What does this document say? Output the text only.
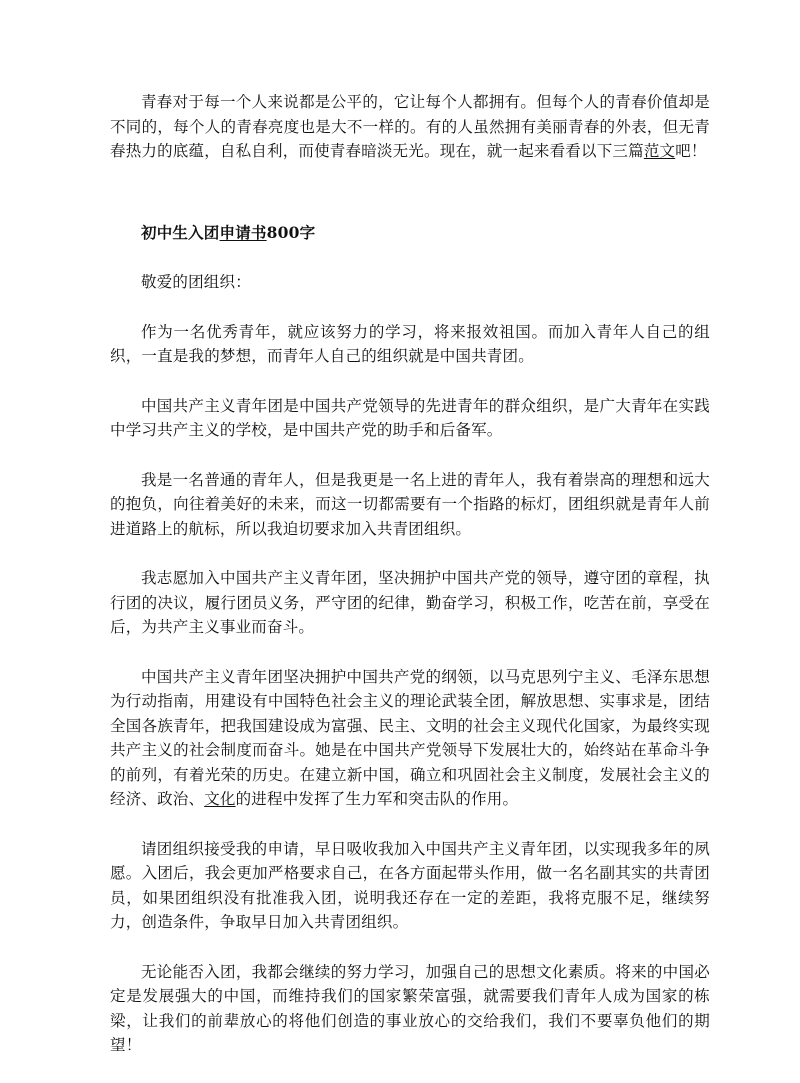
青春对于每一个人来说都是公平的，它让每个人都拥有。但每个人的青春价值却是不同的，每个人的青春亮度也是大不一样的。有的人虽然拥有美丽青春的外表，但无青春热力的底蕴，自私自利，而使青春暗淡无光。现在，就一起来看看以下三篇范文吧！

初中生入团申请书800字

敬爱的团组织：

作为一名优秀青年，就应该努力的学习，将来报效祖国。而加入青年人自己的组织，一直是我的梦想，而青年人自己的组织就是中国共青团。

中国共产主义青年团是中国共产党领导的先进青年的群众组织，是广大青年在实践中学习共产主义的学校，是中国共产党的助手和后备军。

我是一名普通的青年人，但是我更是一名上进的青年人，我有着崇高的理想和远大的抱负，向往着美好的未来，而这一切都需要有一个指路的标灯，团组织就是青年人前进道路上的航标，所以我迫切要求加入共青团组织。

我志愿加入中国共产主义青年团，坚决拥护中国共产党的领导，遵守团的章程，执行团的决议，履行团员义务，严守团的纪律，勤奋学习，积极工作，吃苦在前，享受在后，为共产主义事业而奋斗。

中国共产主义青年团坚决拥护中国共产党的纲领，以马克思列宁主义、毛泽东思想为行动指南，用建设有中国特色社会主义的理论武装全团，解放思想、实事求是，团结全国各族青年，把我国建设成为富强、民主、文明的社会主义现代化国家，为最终实现共产主义的社会制度而奋斗。她是在中国共产党领导下发展壮大的，始终站在革命斗争的前列，有着光荣的历史。在建立新中国，确立和巩固社会主义制度，发展社会主义的经济、政治、文化的进程中发挥了生力军和突击队的作用。

请团组织接受我的申请，早日吸收我加入中国共产主义青年团，以实现我多年的夙愿。入团后，我会更加严格要求自己，在各方面起带头作用，做一名名副其实的共青团员，如果团组织没有批准我入团，说明我还存在一定的差距，我将克服不足，继续努力，创造条件，争取早日加入共青团组织。

无论能否入团，我都会继续的努力学习，加强自己的思想文化素质。将来的中国必定是发展强大的中国，而维持我们的国家繁荣富强，就需要我们青年人成为国家的栋梁，让我们的前辈放心的将他们创造的事业放心的交给我们，我们不要辜负他们的期望！
